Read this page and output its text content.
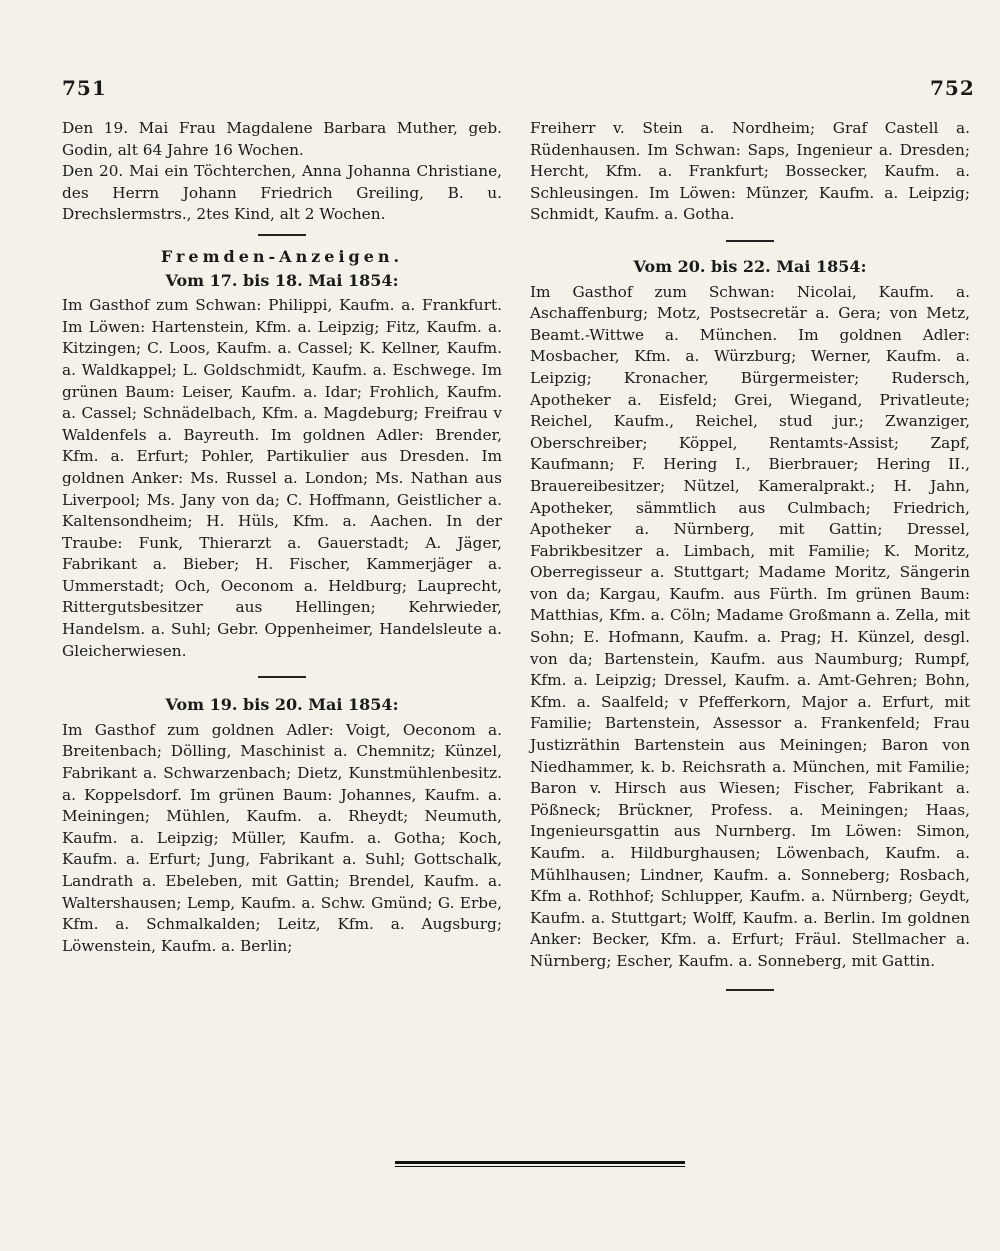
751	752

Den 19. Mai Frau Magdalene Barbara Muther, geb. Godin, alt 64 Jahre 16 Wochen.

Den 20. Mai ein Töchterchen, Anna Johanna Christiane, des Herrn Johann Friedrich Greiling, B. u. Drechslermstrs., 2tes Kind, alt 2 Wochen.

Fremden-Anzeigen.
Vom 17. bis 18. Mai 1854:

Im Gasthof zum Schwan: Philippi, Kaufm. a. Frankfurt. Im Löwen: Hartenstein, Kfm. a. Leipzig; Fitz, Kaufm. a. Kitzingen; C. Loos, Kaufm. a. Cassel; K. Kellner, Kaufm. a. Waldkappel; L. Goldschmidt, Kaufm. a. Eschwege. Im grünen Baum: Leiser, Kaufm. a. Idar; Frohlich, Kaufm. a. Cassel; Schnädelbach, Kfm. a. Magdeburg; Freifrau v Waldenfels a. Bayreuth. Im goldnen Adler: Brender, Kfm. a. Erfurt; Pohler, Partikulier aus Dresden. Im goldnen Anker: Ms. Russel a. London; Ms. Nathan aus Liverpool; Ms. Jany von da; C. Hoffmann, Geistlicher a. Kaltensondheim; H. Hüls, Kfm. a. Aachen. In der Traube: Funk, Thierarzt a. Gauerstadt; A. Jäger, Fabrikant a. Bieber; H. Fischer, Kammerjäger a. Ummerstadt; Och, Oeconom a. Heldburg; Lauprecht, Rittergutsbesitzer aus Hellingen; Kehrwieder, Handelsm. a. Suhl; Gebr. Oppenheimer, Handelsleute a. Gleicherwiesen.

Vom 19. bis 20. Mai 1854:

Im Gasthof zum goldnen Adler: Voigt, Oeconom a. Breitenbach; Dölling, Maschinist a. Chemnitz; Künzel, Fabrikant a. Schwarzenbach; Dietz, Kunstmühlenbesitz. a. Koppelsdorf. Im grünen Baum: Johannes, Kaufm. a. Meiningen; Mühlen, Kaufm. a. Rheydt; Neumuth, Kaufm. a. Leipzig; Müller, Kaufm. a. Gotha; Koch, Kaufm. a. Erfurt; Jung, Fabrikant a. Suhl; Gottschalk, Landrath a. Ebeleben, mit Gattin; Brendel, Kaufm. a. Waltershausen; Lemp, Kaufm. a. Schw. Gmünd; G. Erbe, Kfm. a. Schmalkalden; Leitz, Kfm. a. Augsburg; Löwenstein, Kaufm. a. Berlin;

Freiherr v. Stein a. Nordheim; Graf Castell a. Rüdenhausen. Im Schwan: Saps, Ingenieur a. Dresden; Hercht, Kfm. a. Frankfurt; Bossecker, Kaufm. a. Schleusingen. Im Löwen: Münzer, Kaufm. a. Leipzig; Schmidt, Kaufm. a. Gotha.

Vom 20. bis 22. Mai 1854:

Im Gasthof zum Schwan: Nicolai, Kaufm. a. Aschaffenburg; Motz, Postsecretär a. Gera; von Metz, Beamt.-Wittwe a. München. Im goldnen Adler: Mosbacher, Kfm. a. Würzburg; Werner, Kaufm. a. Leipzig; Kronacher, Bürgermeister; Rudersch, Apotheker a. Eisfeld; Grei, Wiegand, Privatleute; Reichel, Kaufm., Reichel, stud jur.; Zwanziger, Oberschreiber; Köppel, Rentamts-Assist; Zapf, Kaufmann; F. Hering I., Bierbrauer; Hering II., Brauereibesitzer; Nützel, Kameralprakt.; H. Jahn, Apotheker, sämmtlich aus Culmbach; Friedrich, Apotheker a. Nürnberg, mit Gattin; Dressel, Fabrikbesitzer a. Limbach, mit Familie; K. Moritz, Oberregisseur a. Stuttgart; Madame Moritz, Sängerin von da; Kargau, Kaufm. aus Fürth. Im grünen Baum: Matthias, Kfm. a. Cöln; Madame Großmann a. Zella, mit Sohn; E. Hofmann, Kaufm. a. Prag; H. Künzel, desgl. von da; Bartenstein, Kaufm. aus Naumburg; Rumpf, Kfm. a. Leipzig; Dressel, Kaufm. a. Amt-Gehren; Bohn, Kfm. a. Saalfeld; v Pfefferkorn, Major a. Erfurt, mit Familie; Bartenstein, Assessor a. Frankenfeld; Frau Justizräthin Bartenstein aus Meiningen; Baron von Niedhammer, k. b. Reichsrath a. München, mit Familie; Baron v. Hirsch aus Wiesen; Fischer, Fabrikant a. Pößneck; Brückner, Profess. a. Meiningen; Haas, Ingenieursgattin aus Nurnberg. Im Löwen: Simon, Kaufm. a. Hildburghausen; Löwenbach, Kaufm. a. Mühlhausen; Lindner, Kaufm. a. Sonneberg; Rosbach, Kfm a. Rothhof; Schlupper, Kaufm. a. Nürnberg; Geydt, Kaufm. a. Stuttgart; Wolff, Kaufm. a. Berlin. Im goldnen Anker: Becker, Kfm. a. Erfurt; Fräul. Stellmacher a. Nürnberg; Escher, Kaufm. a. Sonneberg, mit Gattin.
